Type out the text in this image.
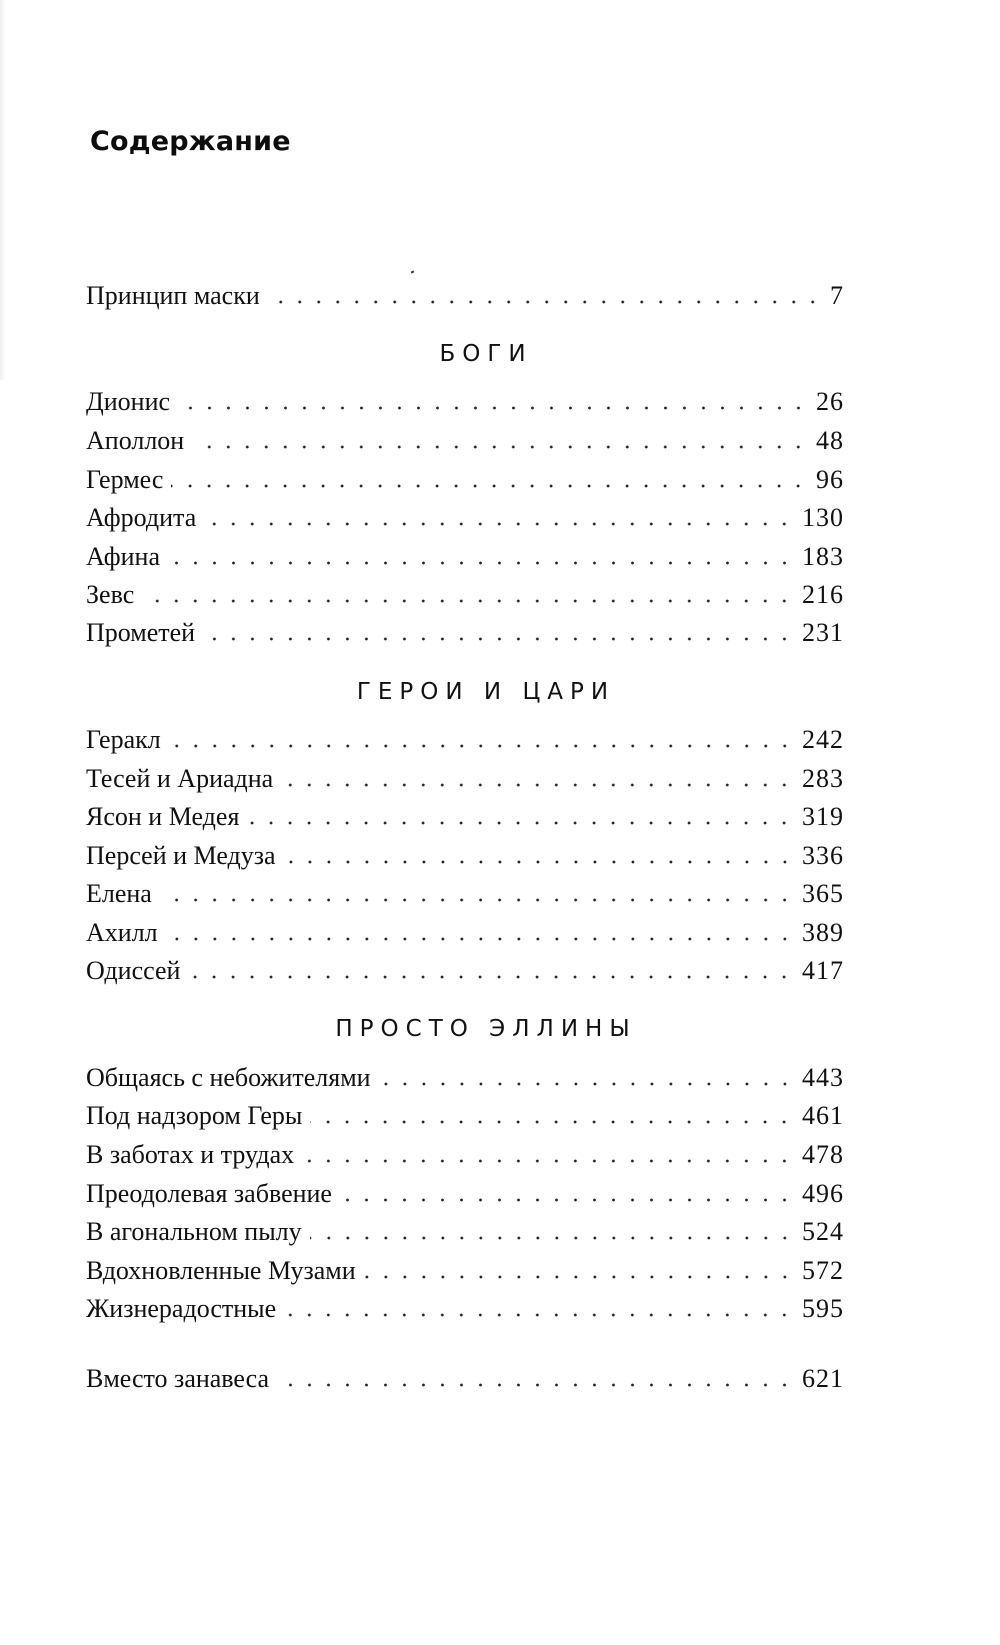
Содержание
Принцип маски	7
БОГИ
Дионис	26
Аполлон	48
Гермес	96
Афродита	130
Афина	183
Зевс	216
Прометей	231
ГЕРОИ И ЦАРИ
Геракл	242
Тесей и Ариадна	283
Ясон и Медея	319
Персей и Медуза	336
Елена	365
Ахилл	389
Одиссей	417
ПРОСТО ЭЛЛИНЫ
Общаясь с небожителями	443
Под надзором Геры	461
В заботах и трудах	478
Преодолевая забвение	496
В агональном пылу	524
Вдохновленные Музами	572
Жизнерадостные	595
Вместо занавеса	621
